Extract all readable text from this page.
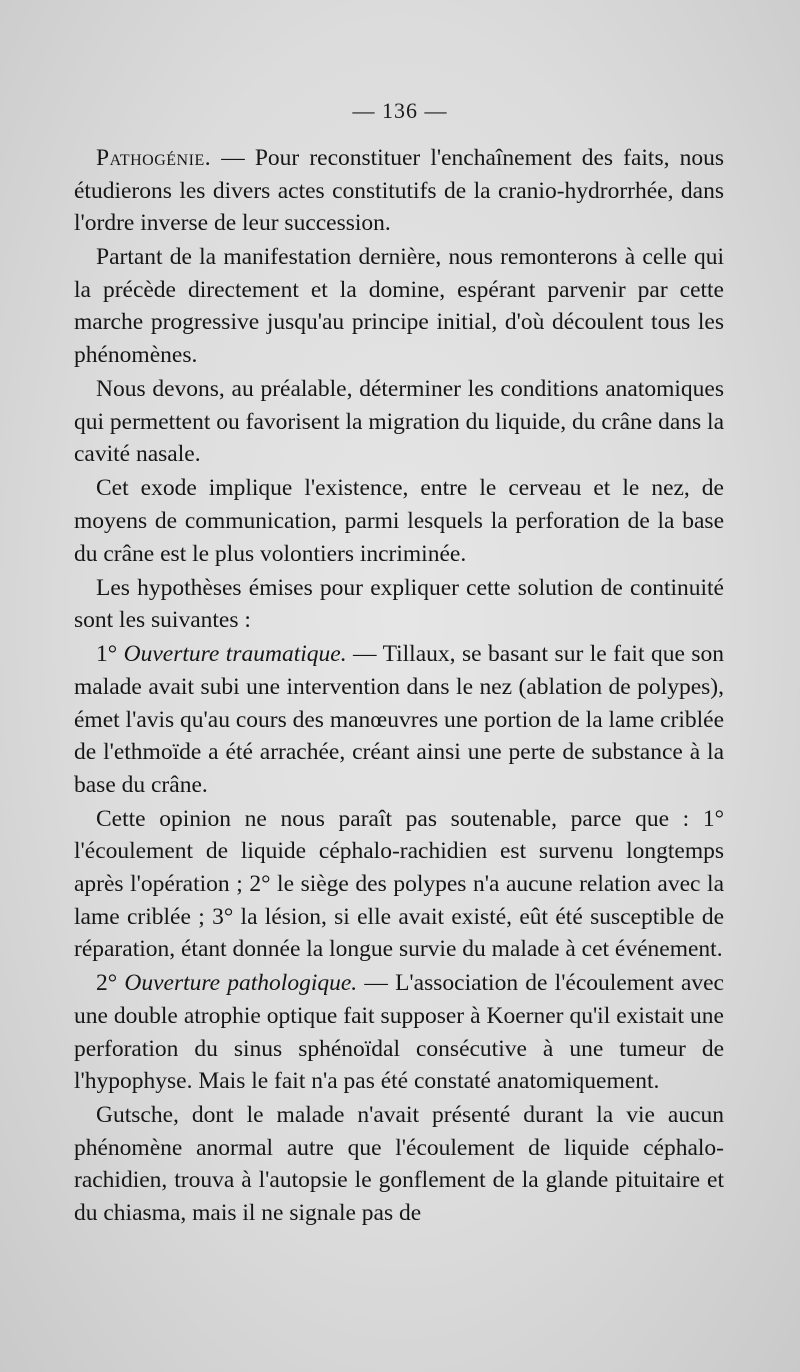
— 136 —

Pathogénie. — Pour reconstituer l'enchaînement des faits, nous étudierons les divers actes constitutifs de la cranio-hydrorrhée, dans l'ordre inverse de leur succession.

Partant de la manifestation dernière, nous remonterons à celle qui la précède directement et la domine, espérant parvenir par cette marche progressive jusqu'au principe initial, d'où découlent tous les phénomènes.

Nous devons, au préalable, déterminer les conditions anatomiques qui permettent ou favorisent la migration du liquide, du crâne dans la cavité nasale.

Cet exode implique l'existence, entre le cerveau et le nez, de moyens de communication, parmi lesquels la perforation de la base du crâne est le plus volontiers incriminée.

Les hypothèses émises pour expliquer cette solution de continuité sont les suivantes :

1° Ouverture traumatique. — Tillaux, se basant sur le fait que son malade avait subi une intervention dans le nez (ablation de polypes), émet l'avis qu'au cours des manœuvres une portion de la lame criblée de l'ethmoïde a été arrachée, créant ainsi une perte de substance à la base du crâne.

Cette opinion ne nous paraît pas soutenable, parce que : 1° l'écoulement de liquide céphalo-rachidien est survenu longtemps après l'opération ; 2° le siège des polypes n'a aucune relation avec la lame criblée ; 3° la lésion, si elle avait existé, eût été susceptible de réparation, étant donnée la longue survie du malade à cet événement.

2° Ouverture pathologique. — L'association de l'écoulement avec une double atrophie optique fait supposer à Koerner qu'il existait une perforation du sinus sphénoïdal consécutive à une tumeur de l'hypophyse. Mais le fait n'a pas été constaté anatomiquement.

Gutsche, dont le malade n'avait présenté durant la vie aucun phénomène anormal autre que l'écoulement de liquide céphalo-rachidien, trouva à l'autopsie le gonflement de la glande pituitaire et du chiasma, mais il ne signale pas de
